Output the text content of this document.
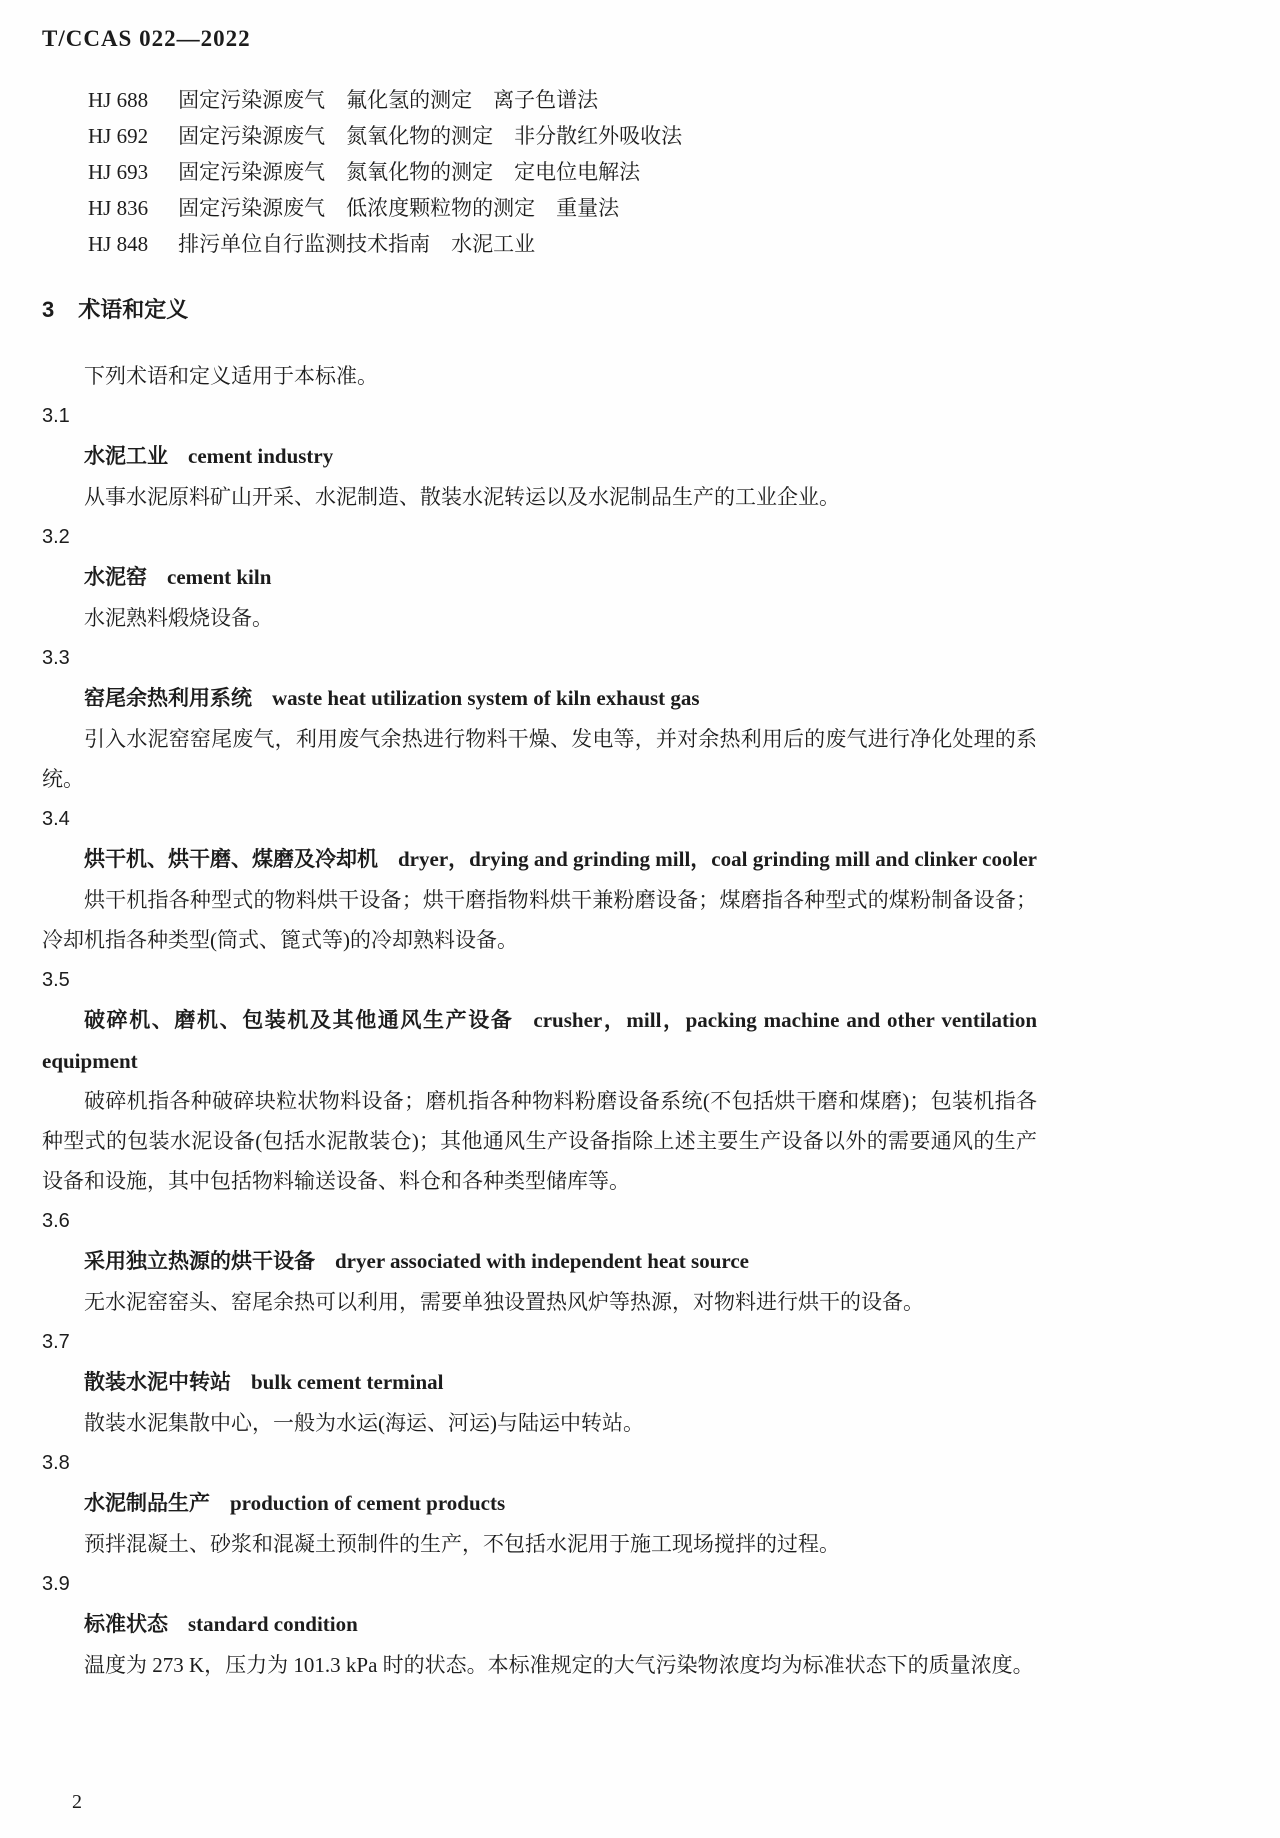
T/CCAS 022—2022
HJ 688 固定污染源废气　氟化氢的测定　离子色谱法
HJ 692 固定污染源废气　氮氧化物的测定　非分散红外吸收法
HJ 693 固定污染源废气　氮氧化物的测定　定电位电解法
HJ 836 固定污染源废气　低浓度颗粒物的测定　重量法
HJ 848 排污单位自行监测技术指南　水泥工业
3 术语和定义

下列术语和定义适用于本标准。

3.1

水泥工业 cement industry

从事水泥原料矿山开采、水泥制造、散装水泥转运以及水泥制品生产的工业企业。

3.2

水泥窑 cement kiln

水泥熟料煅烧设备。

3.3

窑尾余热利用系统 waste heat utilization system of kiln exhaust gas

引入水泥窑窑尾废气，利用废气余热进行物料干燥、发电等，并对余热利用后的废气进行净化处理的系统。

3.4

烘干机、烘干磨、煤磨及冷却机 dryer，drying and grinding mill，coal grinding mill and clinker cooler

烘干机指各种型式的物料烘干设备；烘干磨指物料烘干兼粉磨设备；煤磨指各种型式的煤粉制备设备；冷却机指各种类型(筒式、篦式等)的冷却熟料设备。

3.5

破碎机、磨机、包装机及其他通风生产设备 crusher，mill，packing machine and other ventilation equipment

破碎机指各种破碎块粒状物料设备；磨机指各种物料粉磨设备系统(不包括烘干磨和煤磨)；包装机指各种型式的包装水泥设备(包括水泥散装仓)；其他通风生产设备指除上述主要生产设备以外的需要通风的生产设备和设施，其中包括物料输送设备、料仓和各种类型储库等。

3.6

采用独立热源的烘干设备 dryer associated with independent heat source

无水泥窑窑头、窑尾余热可以利用，需要单独设置热风炉等热源，对物料进行烘干的设备。

3.7

散装水泥中转站 bulk cement terminal

散装水泥集散中心，一般为水运(海运、河运)与陆运中转站。

3.8

水泥制品生产 production of cement products

预拌混凝土、砂浆和混凝土预制件的生产，不包括水泥用于施工现场搅拌的过程。

3.9

标准状态 standard condition

温度为 273 K，压力为 101.3 kPa 时的状态。本标准规定的大气污染物浓度均为标准状态下的质量浓度。

2
